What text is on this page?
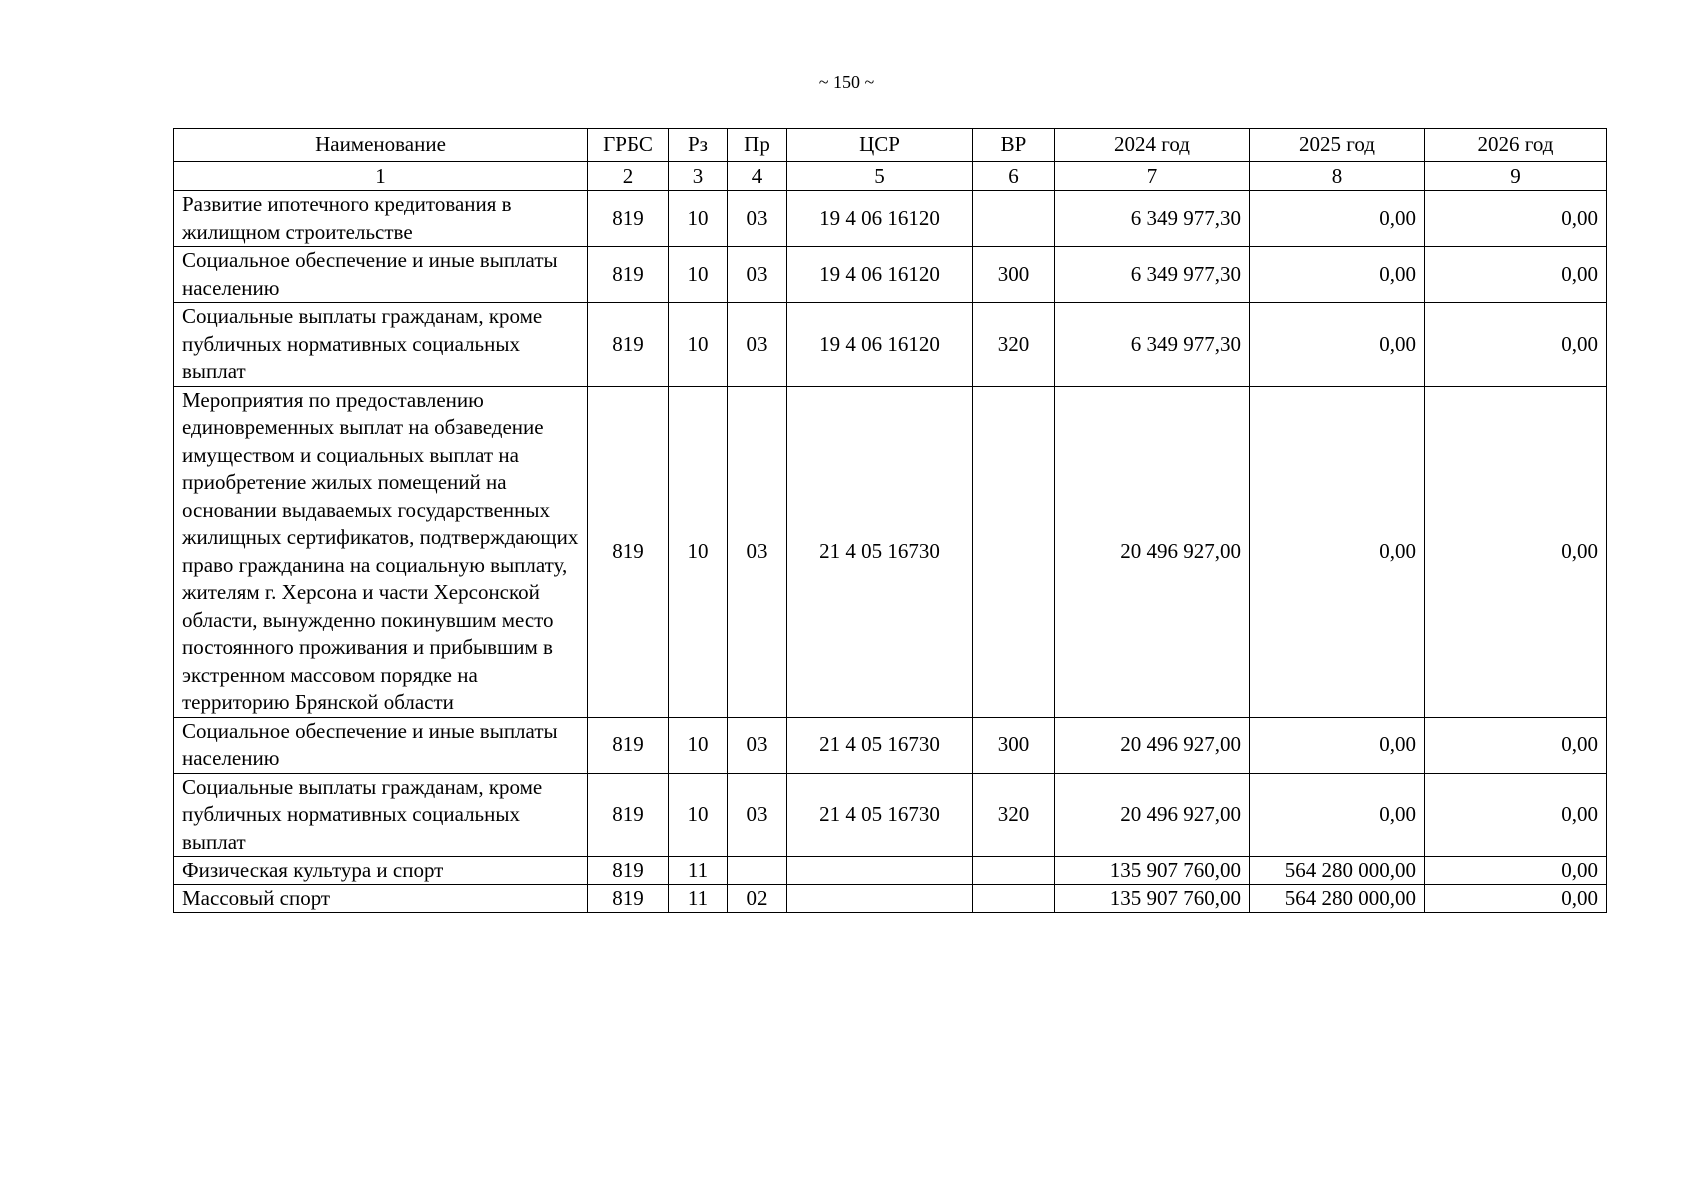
~ 150 ~
Наименование	ГРБС	Рз	Пр	ЦСР	ВР	2024 год	2025 год	2026 год
1	2	3	4	5	6	7	8	9
Развитие ипотечного кредитования в жилищном строительстве	819	10	03	19 4 06 16120		6 349 977,30	0,00	0,00
Социальное обеспечение и иные выплаты населению	819	10	03	19 4 06 16120	300	6 349 977,30	0,00	0,00
Социальные выплаты гражданам, кроме публичных нормативных социальных выплат	819	10	03	19 4 06 16120	320	6 349 977,30	0,00	0,00
Мероприятия по предоставлению единовременных выплат на обзаведение имуществом и социальных выплат на приобретение жилых помещений на основании выдаваемых государственных жилищных сертификатов, подтверждающих право гражданина на социальную выплату, жителям г. Херсона и части Херсонской области, вынужденно покинувшим место постоянного проживания и прибывшим в экстренном массовом порядке на территорию Брянской области	819	10	03	21 4 05 16730		20 496 927,00	0,00	0,00
Социальное обеспечение и иные выплаты населению	819	10	03	21 4 05 16730	300	20 496 927,00	0,00	0,00
Социальные выплаты гражданам, кроме публичных нормативных социальных выплат	819	10	03	21 4 05 16730	320	20 496 927,00	0,00	0,00
Физическая культура и спорт	819	11				135 907 760,00	564 280 000,00	0,00
Массовый спорт	819	11	02			135 907 760,00	564 280 000,00	0,00
